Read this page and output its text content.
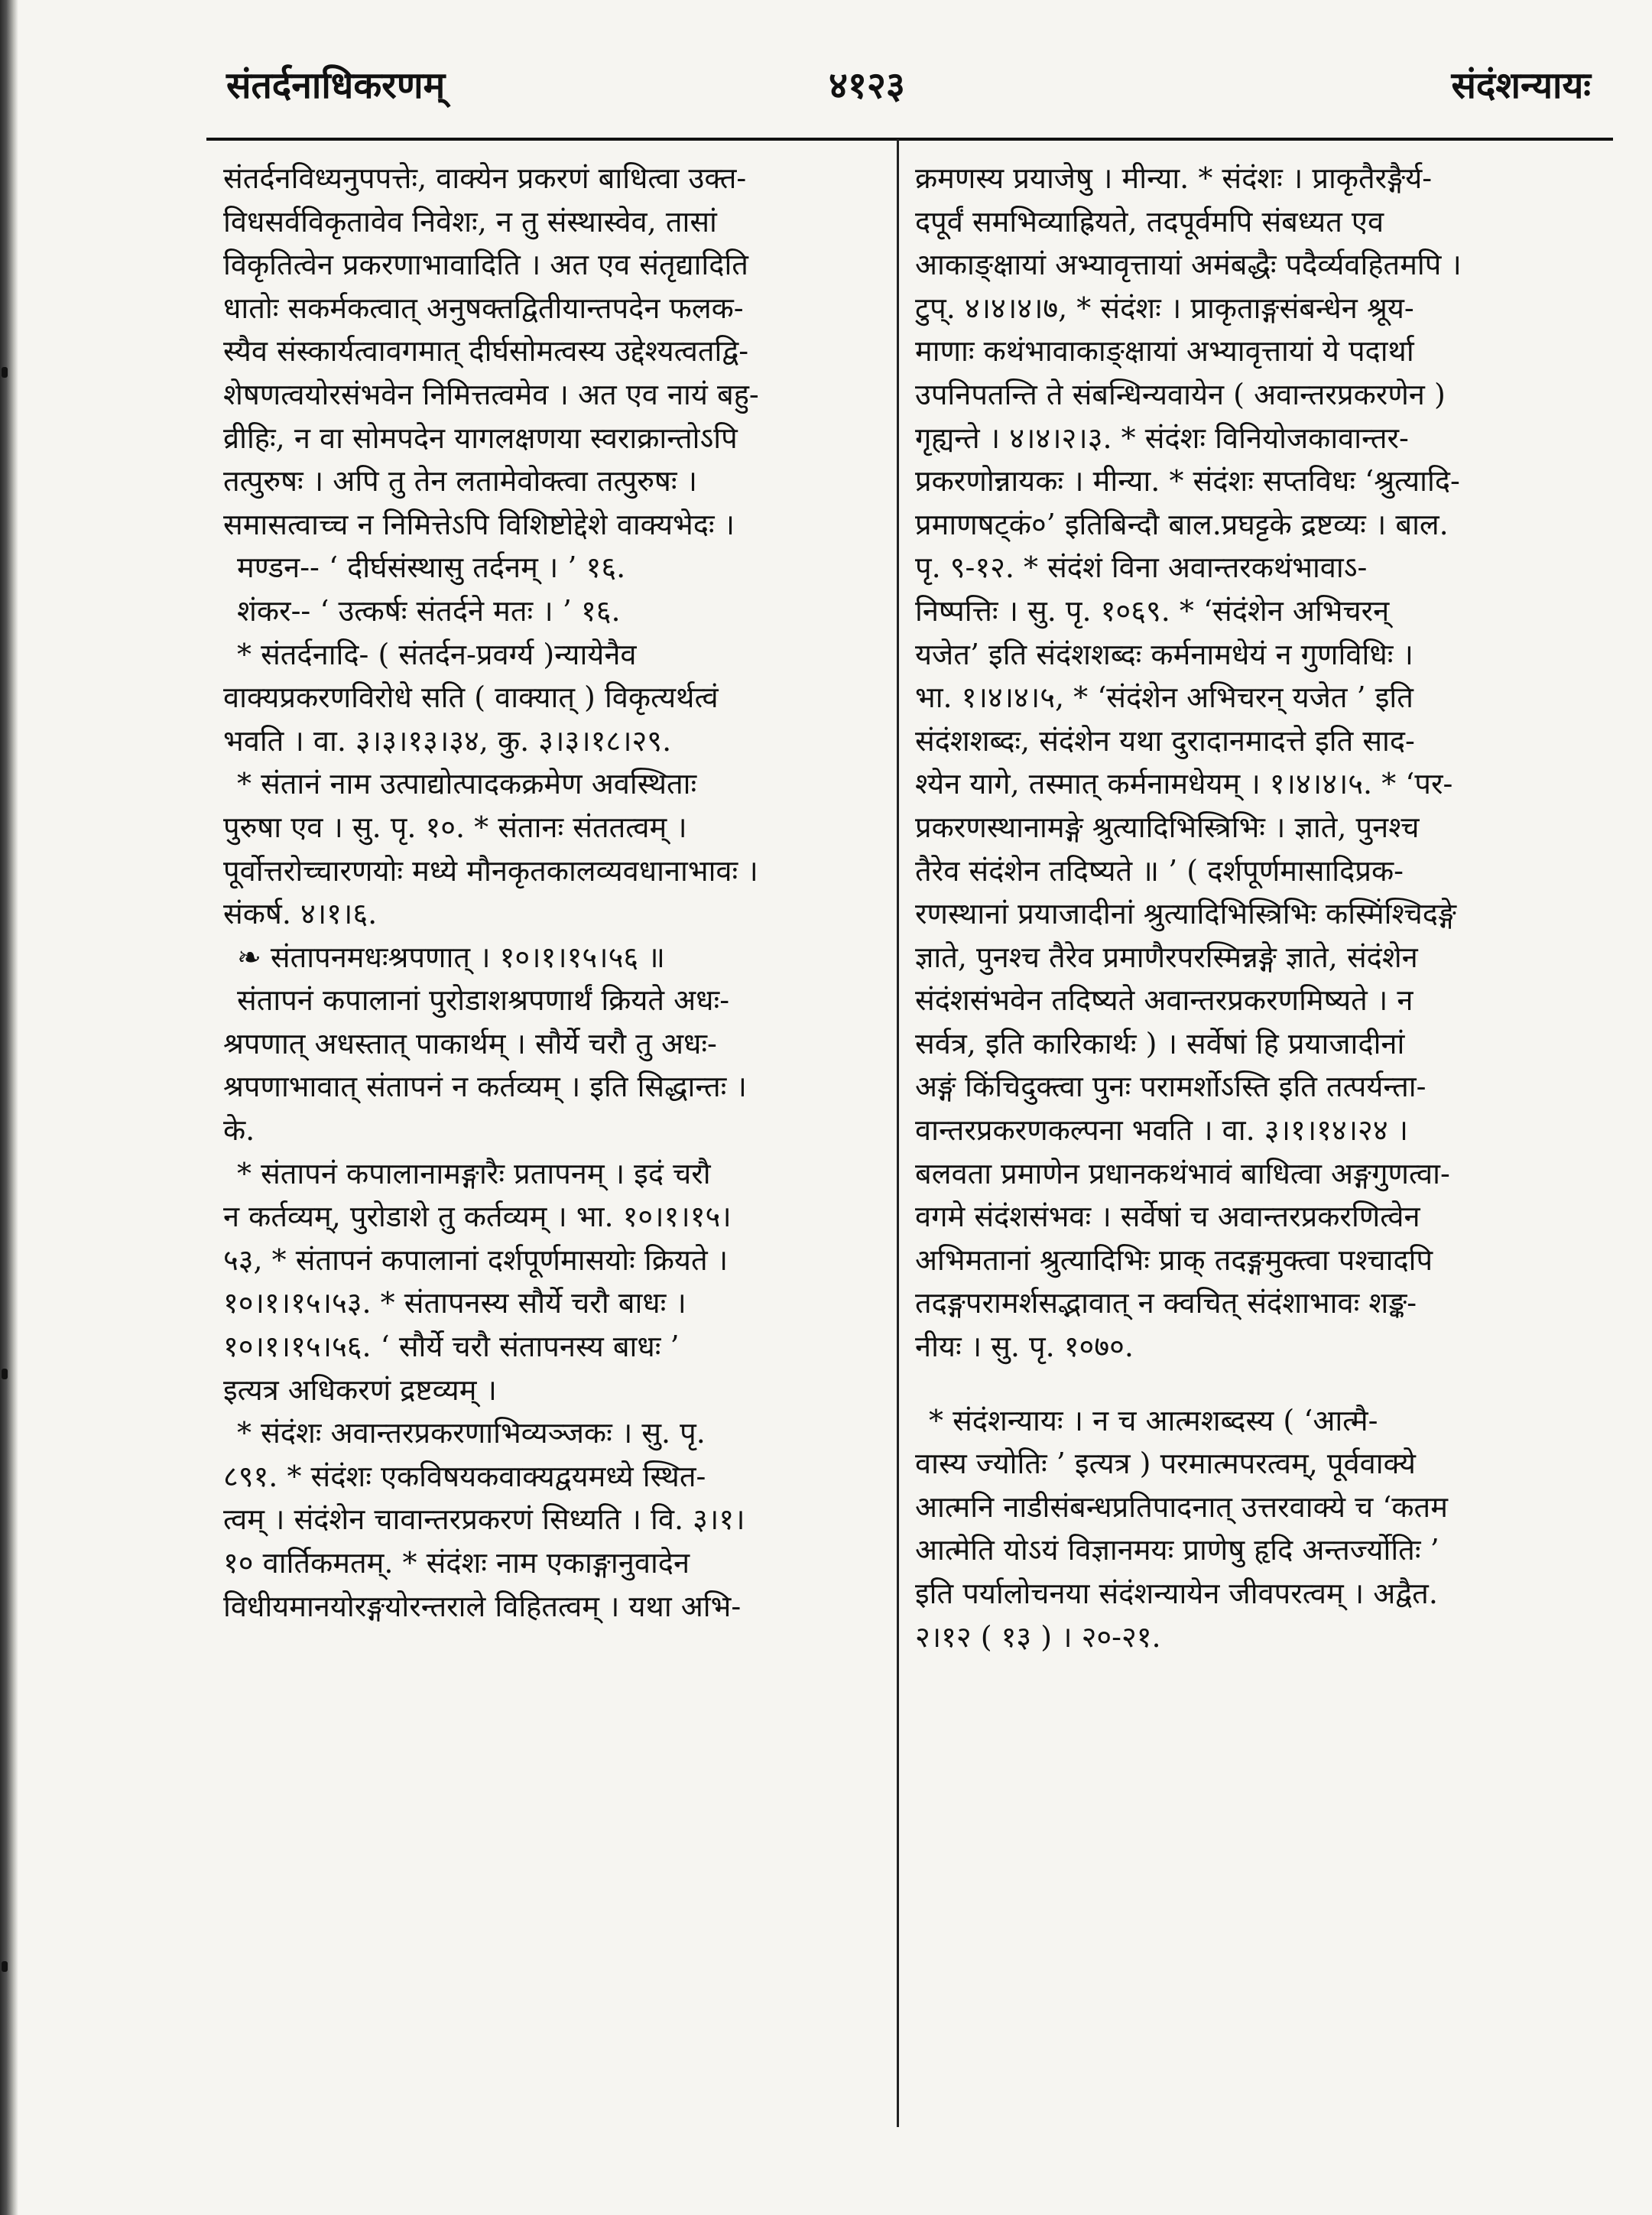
संतर्दनाधिकरणम्	४१२३	संदंशन्यायः
संतर्दनविध्यनुपपत्तेः, वाक्येन प्रकरणं बाधित्वा उक्त-
विधसर्वविकृतावेव निवेशः, न तु संस्थास्वेव, तासां
विकृतित्वेन प्रकरणाभावादिति । अत एव संतृद्यादिति
धातोः सकर्मकत्वात् अनुषक्तद्वितीयान्तपदेन फलक-
स्यैव संस्कार्यत्वावगमात् दीर्घसोमत्वस्य उद्देश्यत्वतद्वि-
शेषणत्वयोरसंभवेन निमित्तत्वमेव । अत एव नायं बहु-
व्रीहिः, न वा सोमपदेन यागलक्षणया स्वराक्रान्तोऽपि
तत्पुरुषः । अपि तु तेन लतामेवोक्त्वा तत्पुरुषः ।
समासत्वाच्च न निमित्तेऽपि विशिष्टोद्देशे वाक्यभेदः ।
मण्डन-- ‘ दीर्घसंस्थासु तर्दनम् । ’ १६.
शंकर-- ‘ उत्कर्षः संतर्दने मतः । ’ १६.
* संतर्दनादि- ( संतर्दन-प्रवर्ग्य )न्यायेनैव
वाक्यप्रकरणविरोधे सति ( वाक्यात् ) विकृत्यर्थत्वं
भवति । वा. ३।३।१३।३४, कु. ३।३।१८।२९.
* संतानं नाम उत्पाद्योत्पादकक्रमेण अवस्थिताः
पुरुषा एव । सु. पृ. १०. * संतानः संततत्वम् ।
पूर्वोत्तरोच्चारणयोः मध्ये मौनकृतकालव्यवधानाभावः ।
संकर्ष. ४।१।६.
❧ संतापनमधःश्रपणात् । १०।१।१५।५६ ॥
संतापनं कपालानां पुरोडाशश्रपणार्थं क्रियते अधः-
श्रपणात् अधस्तात् पाकार्थम् । सौर्ये चरौ तु अधः-
श्रपणाभावात् संतापनं न कर्तव्यम् । इति सिद्धान्तः ।
के.
* संतापनं कपालानामङ्गारैः प्रतापनम् । इदं चरौ
न कर्तव्यम्, पुरोडाशे तु कर्तव्यम् । भा. १०।१।१५।
५३, * संतापनं कपालानां दर्शपूर्णमासयोः क्रियते ।
१०।१।१५।५३. * संतापनस्य सौर्ये चरौ बाधः ।
१०।१।१५।५६. ‘ सौर्ये चरौ संतापनस्य बाधः ’
इत्यत्र अधिकरणं द्रष्टव्यम् ।
* संदंशः अवान्तरप्रकरणाभिव्यञ्जकः । सु. पृ.
८९१. * संदंशः एकविषयकवाक्यद्वयमध्ये स्थित-
त्वम् । संदंशेन चावान्तरप्रकरणं सिध्यति । वि. ३।१।
१० वार्तिकमतम्. * संदंशः नाम एकाङ्गानुवादेन
विधीयमानयोरङ्गयोरन्तराले विहितत्वम् । यथा अभि-
क्रमणस्य प्रयाजेषु । मीन्या. * संदंशः । प्राकृतैरङ्गैर्य-
दपूर्वं समभिव्याह्रियते, तदपूर्वमपि संबध्यत एव
आकाङ्क्षायां अभ्यावृत्तायां अमंबद्धैः पदैर्व्यवहितमपि ।
टुप्. ४।४।४।७, * संदंशः । प्राकृताङ्गसंबन्धेन श्रूय-
माणाः कथंभावाकाङ्क्षायां अभ्यावृत्तायां ये पदार्था
उपनिपतन्ति ते संबन्धिन्यवायेन ( अवान्तरप्रकरणेन )
गृह्यन्ते । ४।४।२।३. * संदंशः विनियोजकावान्तर-
प्रकरणोन्नायकः । मीन्या. * संदंशः सप्तविधः ‘श्रुत्यादि-
प्रमाणषट्कं०’ इतिबिन्दौ बाल.प्रघट्टके द्रष्टव्यः । बाल.
पृ. ९-१२. * संदंशं विना अवान्तरकथंभावाऽ-
निष्पत्तिः । सु. पृ. १०६९. * ‘संदंशेन अभिचरन्
यजेत’ इति संदंशशब्दः कर्मनामधेयं न गुणविधिः ।
भा. १।४।४।५, * ‘संदंशेन अभिचरन् यजेत ’ इति
संदंशशब्दः, संदंशेन यथा दुरादानमादत्ते इति साद-
श्येन यागे, तस्मात् कर्मनामधेयम् । १।४।४।५. * ‘पर-
प्रकरणस्थानामङ्गे श्रुत्यादिभिस्त्रिभिः । ज्ञाते, पुनश्च
तैरेव संदंशेन तदिष्यते ॥ ’ ( दर्शपूर्णमासादिप्रक-
रणस्थानां प्रयाजादीनां श्रुत्यादिभिस्त्रिभिः कस्मिंश्चिदङ्गे
ज्ञाते, पुनश्च तैरेव प्रमाणैरपरस्मिन्नङ्गे ज्ञाते, संदंशेन
संदंशसंभवेन तदिष्यते अवान्तरप्रकरणमिष्यते । न
सर्वत्र, इति कारिकार्थः ) । सर्वेषां हि प्रयाजादीनां
अङ्गं किंचिदुक्त्वा पुनः परामर्शोऽस्ति इति तत्पर्यन्ता-
वान्तरप्रकरणकल्पना भवति । वा. ३।१।१४।२४ ।
बलवता प्रमाणेन प्रधानकथंभावं बाधित्वा अङ्गगुणत्वा-
वगमे संदंशसंभवः । सर्वेषां च अवान्तरप्रकरणित्वेन
अभिमतानां श्रुत्यादिभिः प्राक् तदङ्गमुक्त्वा पश्चादपि
तदङ्गपरामर्शसद्भावात् न क्वचित् संदंशाभावः शङ्क-
नीयः । सु. पृ. १०७०.
* संदंशन्यायः । न च आत्मशब्दस्य ( ‘आत्मै-
वास्य ज्योतिः ’ इत्यत्र ) परमात्मपरत्वम्, पूर्ववाक्ये
आत्मनि नाडीसंबन्धप्रतिपादनात् उत्तरवाक्ये च ‘कतम
आत्मेति योऽयं विज्ञानमयः प्राणेषु हृदि अन्तर्ज्योतिः ’
इति पर्यालोचनया संदंशन्यायेन जीवपरत्वम् । अद्वैत.
२।१२ ( १३ ) । २०-२१.
